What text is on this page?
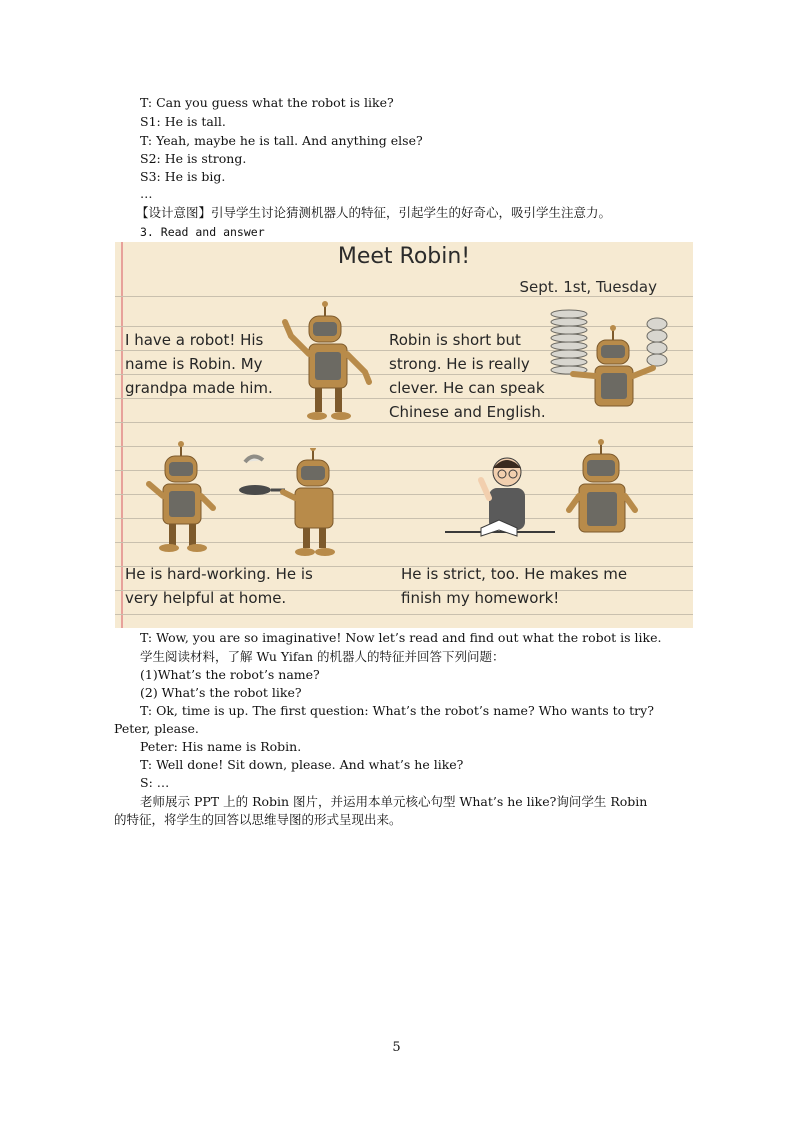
T: Can you guess what the robot is like?

S1: He is tall.

T: Yeah, maybe he is tall. And anything else?

S2: He is strong.

S3: He is big.

…

【设计意图】引导学生讨论猜测机器人的特征，引起学生的好奇心，吸引学生注意力。

3. Read and answer

Meet Robin!
Sept. 1st, Tuesday
I have a robot! His
name is Robin. My
grandpa made him.
Robin is short but
strong. He is really
clever. He can speak
Chinese and English.
He is hard-working. He is
very helpful at home.
He is strict, too. He makes me
finish my homework!

T: Wow, you are so imaginative! Now let’s read and find out what the robot is like.

学生阅读材料，了解 Wu Yifan 的机器人的特征并回答下列问题：

(1)What’s the robot’s name?

(2) What’s the robot like?

T: Ok, time is up. The first question: What’s the robot’s name? Who wants to try?

Peter, please.

Peter: His name is Robin.

T: Well done! Sit down, please. And what’s he like?

S: …

老师展示 PPT 上的 Robin 图片，并运用本单元核心句型 What’s he like?询问学生 Robin

的特征，将学生的回答以思维导图的形式呈现出来。

5
